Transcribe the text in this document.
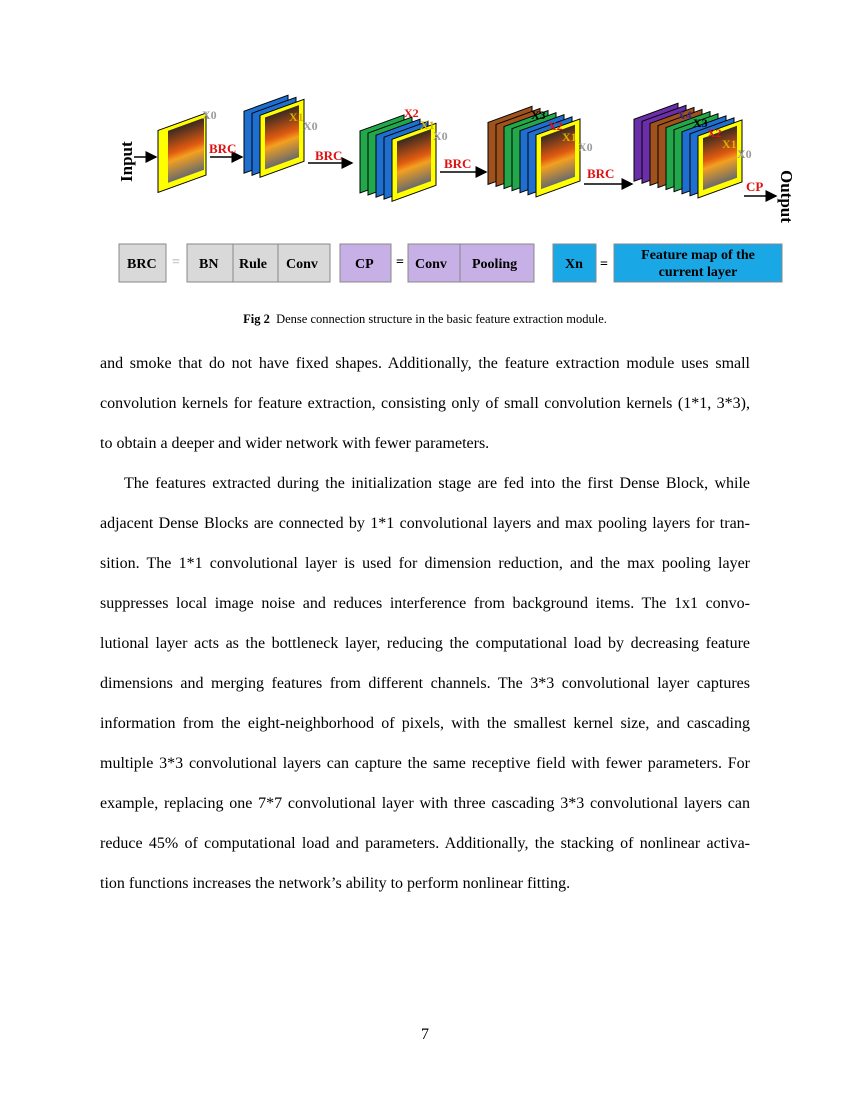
Input
X0
BRC
X1
X0
BRC
X2
X1
X0
BRC
X3
X2
X1
X0
BRC
X4
X3
X2
X1
X0
CP Output
BRC = BN Rule Conv	CP = Conv Pooling	Xn =
Feature map of the
current layer
Fig 2 Dense connection structure in the basic feature extraction module.
and smoke that do not have fixed shapes. Additionally, the feature extraction module uses small
convolution kernels for feature extraction, consisting only of small convolution kernels (1*1, 3*3),
to obtain a deeper and wider network with fewer parameters.
The features extracted during the initialization stage are fed into the first Dense Block, while
adjacent Dense Blocks are connected by 1*1 convolutional layers and max pooling layers for tran-
sition. The 1*1 convolutional layer is used for dimension reduction, and the max pooling layer
suppresses local image noise and reduces interference from background items. The 1x1 convo-
lutional layer acts as the bottleneck layer, reducing the computational load by decreasing feature
dimensions and merging features from different channels. The 3*3 convolutional layer captures
information from the eight-neighborhood of pixels, with the smallest kernel size, and cascading
multiple 3*3 convolutional layers can capture the same receptive field with fewer parameters. For
example, replacing one 7*7 convolutional layer with three cascading 3*3 convolutional layers can
reduce 45% of computational load and parameters. Additionally, the stacking of nonlinear activa-
tion functions increases the network’s ability to perform nonlinear fitting.
7
